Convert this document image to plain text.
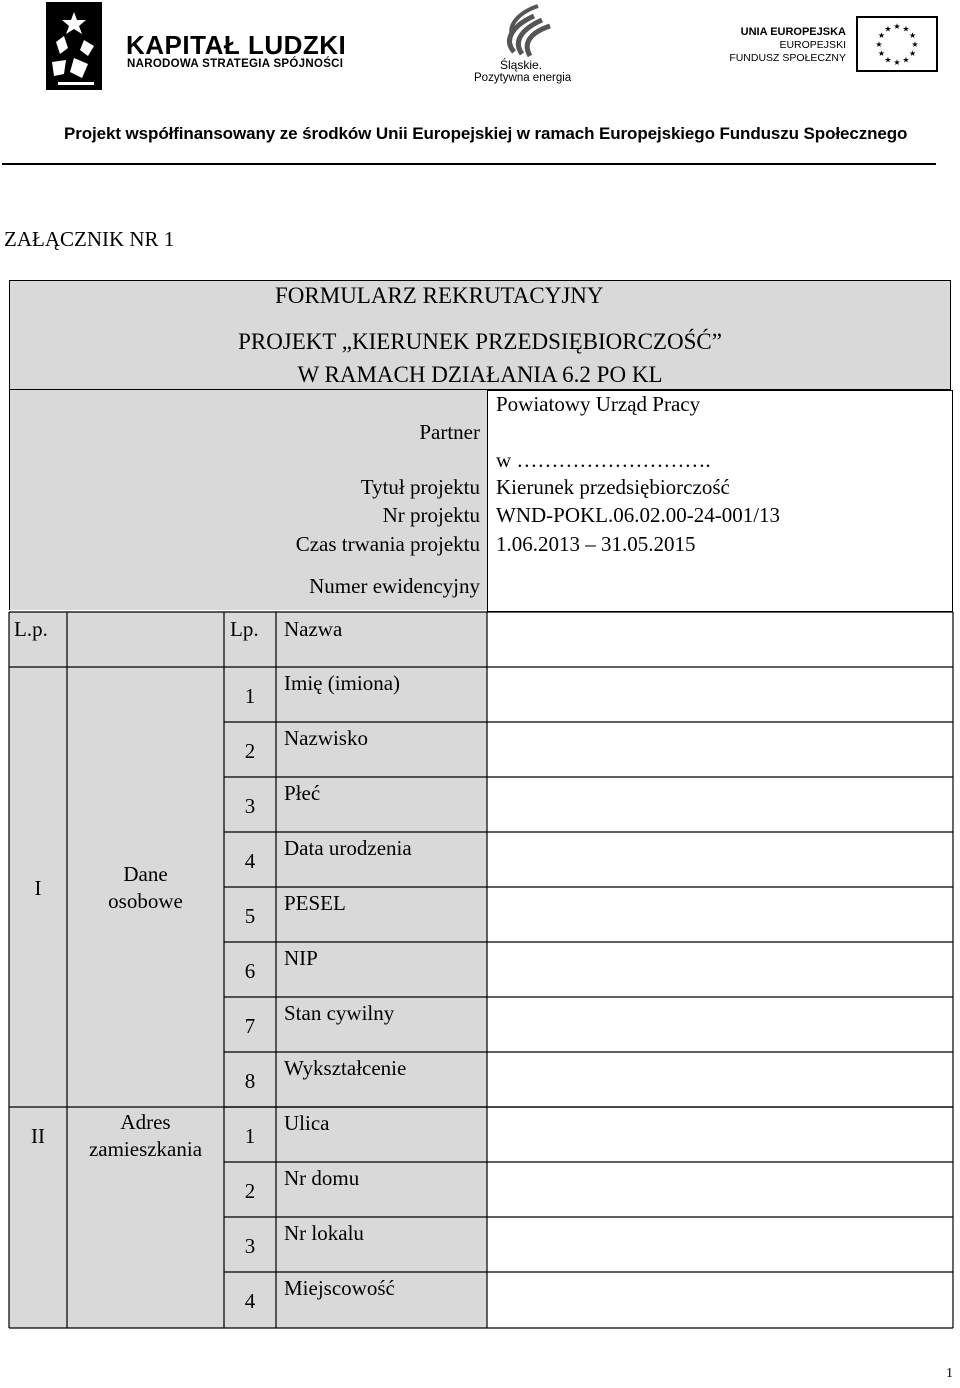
KAPITAŁ LUDZKI
NARODOWA STRATEGIA SPÓJNOŚCI	Śląskie.
Pozytywna energia
UNIA EUROPEJSKA
EUROPEJSKI
FUNDUSZ SPOŁECZNY
★
★
★
★
★
★
★
★
★ ★ ★
★
Projekt współfinansowany ze środków Unii Europejskiej w ramach Europejskiego Funduszu Społecznego
ZAŁĄCZNIK NR 1
FORMULARZ REKRUTACYJNY
PROJEKT „KIERUNEK PRZEDSIĘBIORCZOŚĆ”
W RAMACH DZIAŁANIA 6.2 PO KL
Partner
Powiatowy Urząd Pracy
w ……………………….
Tytuł projektu Kierunek przedsiębiorczość
Nr projektu WND-POKL.06.02.00-24-001/13
Czas trwania projektu 1.06.2013 – 31.05.2015
Numer ewidencyjny
L.p.	Lp. Nazwa
I
Dane
osobowe
1
Imię (imiona)
2
Nazwisko
3
Płeć
4
Data urodzenia
5
PESEL
6
NIP
7
Stan cywilny
8
Wykształcenie
II
Adres
zamieszkania
1
Ulica
2
Nr domu
3
Nr lokalu
4
Miejscowość
1
